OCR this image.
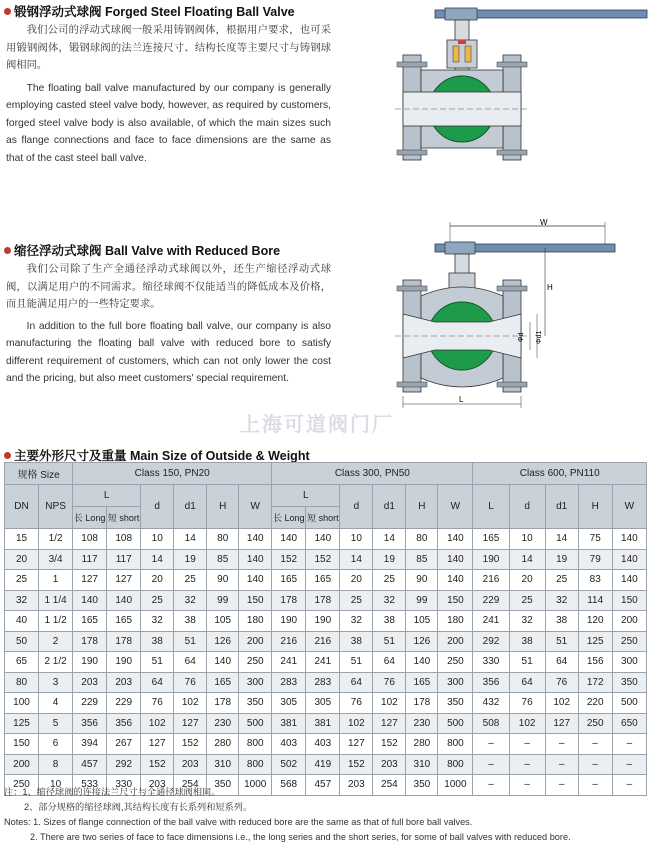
锻钢浮动式球阀 Forged Steel Floating Ball Valve

我们公司的浮动式球阀一般采用铸钢阀体，根据用户要求，也可采用锻钢阀体，锻钢球阀的法兰连接尺寸、结构长度等主要尺寸与铸钢球阀相同。

The floating ball valve manufactured by our company is generally employing casted steel valve body, however, as required by customers, forged steel valve body is also available, of which the main sizes such as flange connections and face to face dimensions are the same as that of the cast steel ball valve.

缩径浮动式球阀 Ball Valve with Reduced Bore

我们公司除了生产全通径浮动式球阀以外，还生产缩径浮动式球阀，以满足用户的不同需求。缩径球阀不仅能适当的降低成本及价格，而且能满足用户的一些特定要求。

In addition to the full bore floating ball valve, our company is also manufacturing the floating ball valve with reduced bore to satisfy different requirement of customers, which can not only lower the cost and the pricing, but also meet customers' special requirement.

W
H
Φd Φd1
L
上海可道阀门厂
主要外形尺寸及重量 Main Size of Outside & Weight
规格 Size		Class 150, PN20						Class 300, PN50						Class 600, PN110				
DN	NPS	L		d	d1	H	W	L		d	d1	H	W	L	d	d1	H	W
		长 Long	短 short					长 Long	短 short									
15	1/2	108	108	10	14	80	140	140	140	10	14	80	140	165	10	14	75	140
20	3/4	117	117	14	19	85	140	152	152	14	19	85	140	190	14	19	79	140
25	1	127	127	20	25	90	140	165	165	20	25	90	140	216	20	25	83	140
32	1 1/4	140	140	25	32	99	150	178	178	25	32	99	150	229	25	32	114	150
40	1 1/2	165	165	32	38	105	180	190	190	32	38	105	180	241	32	38	120	200
50	2	178	178	38	51	126	200	216	216	38	51	126	200	292	38	51	125	250
65	2 1/2	190	190	51	64	140	250	241	241	51	64	140	250	330	51	64	156	300
80	3	203	203	64	76	165	300	283	283	64	76	165	300	356	64	76	172	350
100	4	229	229	76	102	178	350	305	305	76	102	178	350	432	76	102	220	500
125	5	356	356	102	127	230	500	381	381	102	127	230	500	508	102	127	250	650
150	6	394	267	127	152	280	800	403	403	127	152	280	800	–	–	–	–	–
200	8	457	292	152	203	310	800	502	419	152	203	310	800	–	–	–	–	–
250	10	533	330	203	254	350	1000	568	457	203	254	350	1000	–	–	–	–	–
注：1、缩径球阀的连接法兰尺寸与全通径球阀相同。
2、部分规格的缩径球阀,其结构长度有长系列和短系列。
Notes: 1. Sizes of flange connection of the ball valve with reduced bore are the same as that of full bore ball valves.
2. There are two series of face to face dimensions i.e., the long series and the short series, for some of ball valves with reduced bore.
